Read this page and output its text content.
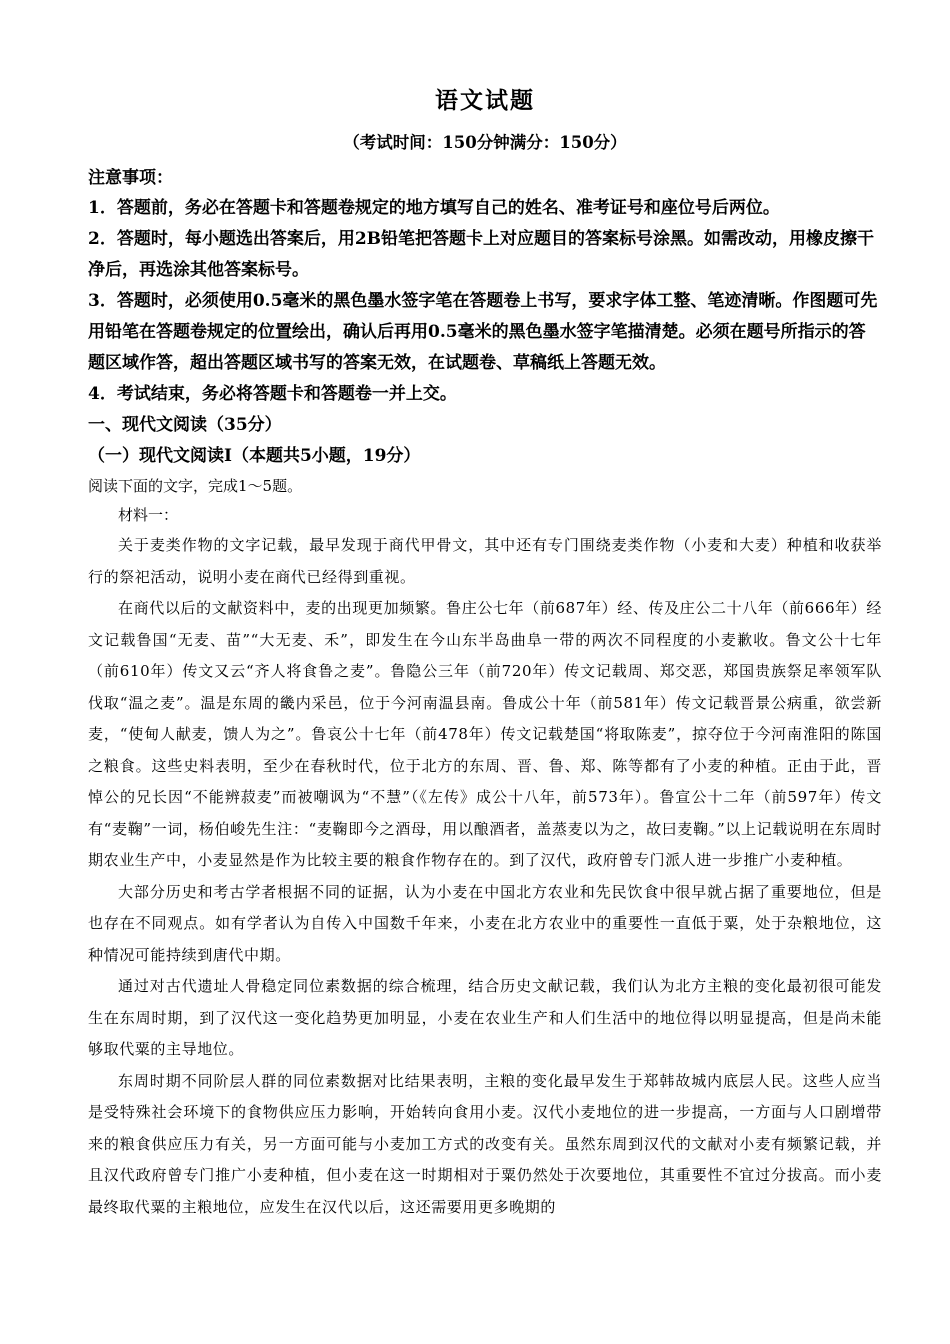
语文试题

（考试时间：150分钟满分：150分）

注意事项：

1．答题前，务必在答题卡和答题卷规定的地方填写自己的姓名、准考证号和座位号后两位。

2．答题时，每小题选出答案后，用2B铅笔把答题卡上对应题目的答案标号涂黑。如需改动，用橡皮擦干净后，再选涂其他答案标号。

3．答题时，必须使用0.5毫米的黑色墨水签字笔在答题卷上书写，要求字体工整、笔迹清晰。作图题可先用铅笔在答题卷规定的位置绘出，确认后再用0.5毫米的黑色墨水签字笔描清楚。必须在题号所指示的答题区域作答，超出答题区域书写的答案无效，在试题卷、草稿纸上答题无效。

4．考试结束，务必将答题卡和答题卷一并上交。

一、现代文阅读（35分）

（一）现代文阅读Ⅰ（本题共5小题，19分）

阅读下面的文字，完成1～5题。

材料一：

关于麦类作物的文字记载，最早发现于商代甲骨文，其中还有专门围绕麦类作物（小麦和大麦）种植和收获举行的祭祀活动，说明小麦在商代已经得到重视。

在商代以后的文献资料中，麦的出现更加频繁。鲁庄公七年（前687年）经、传及庄公二十八年（前666年）经文记载鲁国“无麦、苗”“大无麦、禾”，即发生在今山东半岛曲阜一带的两次不同程度的小麦歉收。鲁文公十七年（前610年）传文又云“齐人将食鲁之麦”。鲁隐公三年（前720年）传文记载周、郑交恶，郑国贵族祭足率领军队伐取“温之麦”。温是东周的畿内采邑，位于今河南温县南。鲁成公十年（前581年）传文记载晋景公病重，欲尝新麦，“使甸人献麦，馈人为之”。鲁哀公十七年（前478年）传文记载楚国“将取陈麦”，掠夺位于今河南淮阳的陈国之粮食。这些史料表明，至少在春秋时代，位于北方的东周、晋、鲁、郑、陈等都有了小麦的种植。正由于此，晋悼公的兄长因“不能辨菽麦”而被嘲讽为“不慧”（《左传》成公十八年，前573年）。鲁宣公十二年（前597年）传文有“麦鞠”一词，杨伯峻先生注：“麦鞠即今之酒母，用以酿酒者，盖蒸麦以为之，故曰麦鞠。”以上记载说明在东周时期农业生产中，小麦显然是作为比较主要的粮食作物存在的。到了汉代，政府曾专门派人进一步推广小麦种植。

大部分历史和考古学者根据不同的证据，认为小麦在中国北方农业和先民饮食中很早就占据了重要地位，但是也存在不同观点。如有学者认为自传入中国数千年来，小麦在北方农业中的重要性一直低于粟，处于杂粮地位，这种情况可能持续到唐代中期。

通过对古代遗址人骨稳定同位素数据的综合梳理，结合历史文献记载，我们认为北方主粮的变化最初很可能发生在东周时期，到了汉代这一变化趋势更加明显，小麦在农业生产和人们生活中的地位得以明显提高，但是尚未能够取代粟的主导地位。

东周时期不同阶层人群的同位素数据对比结果表明，主粮的变化最早发生于郑韩故城内底层人民。这些人应当是受特殊社会环境下的食物供应压力影响，开始转向食用小麦。汉代小麦地位的进一步提高，一方面与人口剧增带来的粮食供应压力有关，另一方面可能与小麦加工方式的改变有关。虽然东周到汉代的文献对小麦有频繁记载，并且汉代政府曾专门推广小麦种植，但小麦在这一时期相对于粟仍然处于次要地位，其重要性不宜过分拔高。而小麦最终取代粟的主粮地位，应发生在汉代以后，这还需要用更多晚期的
